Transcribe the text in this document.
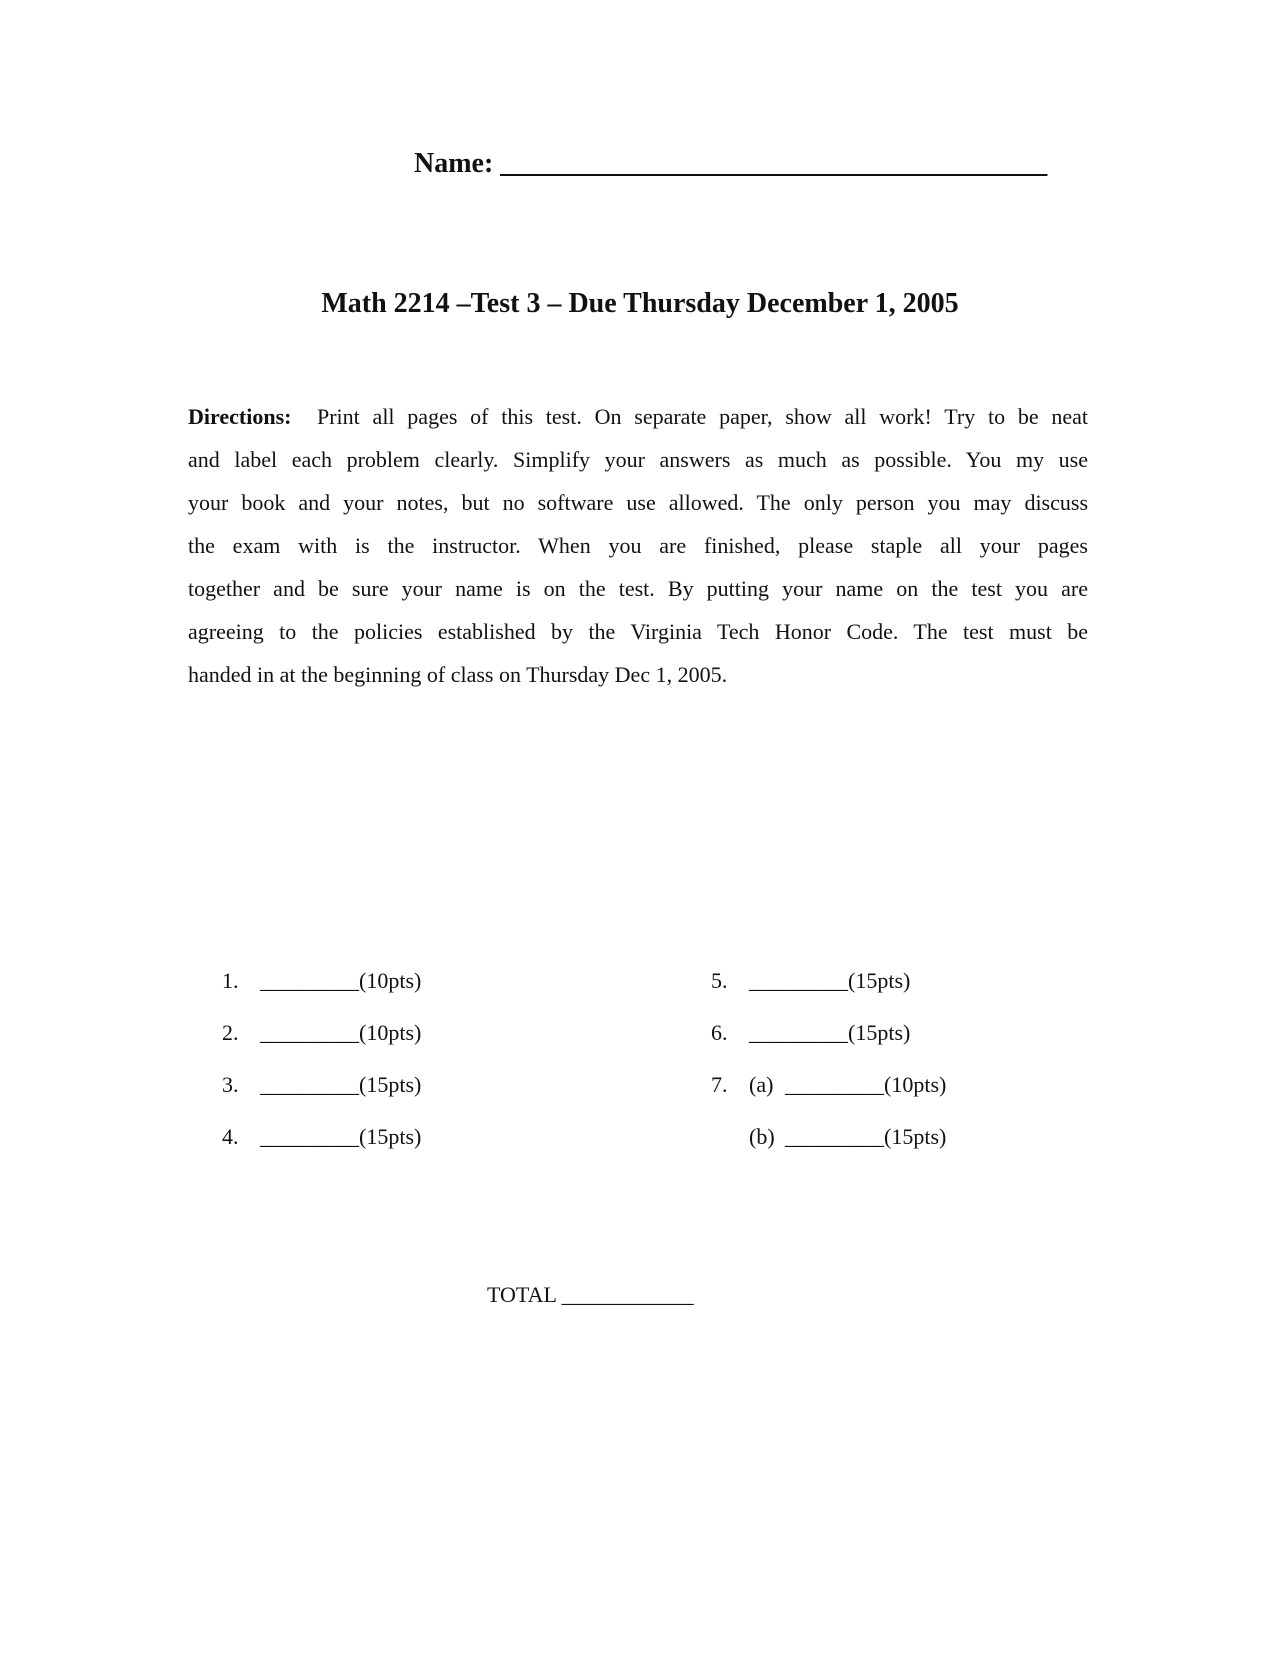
Name: __________________________________________
Math 2214 –Test 3 – Due Thursday December 1, 2005
Directions: Print all pages of this test. On separate paper, show all work! Try to be neat
and label each problem clearly. Simplify your answers as much as possible. You my use
your book and your notes, but no software use allowed. The only person you may discuss
the exam with is the instructor. When you are finished, please staple all your pages
together and be sure your name is on the test. By putting your name on the test you are
agreeing to the policies established by the Virginia Tech Honor Code. The test must be
handed in at the beginning of class on Thursday Dec 1, 2005.
1. _________(10pts)
2. _________(10pts)
3. _________(15pts)
4. _________(15pts)
5. _________(15pts)
6. _________(15pts)
7. (a) _________(10pts)
(b) _________(15pts)
TOTAL ____________
